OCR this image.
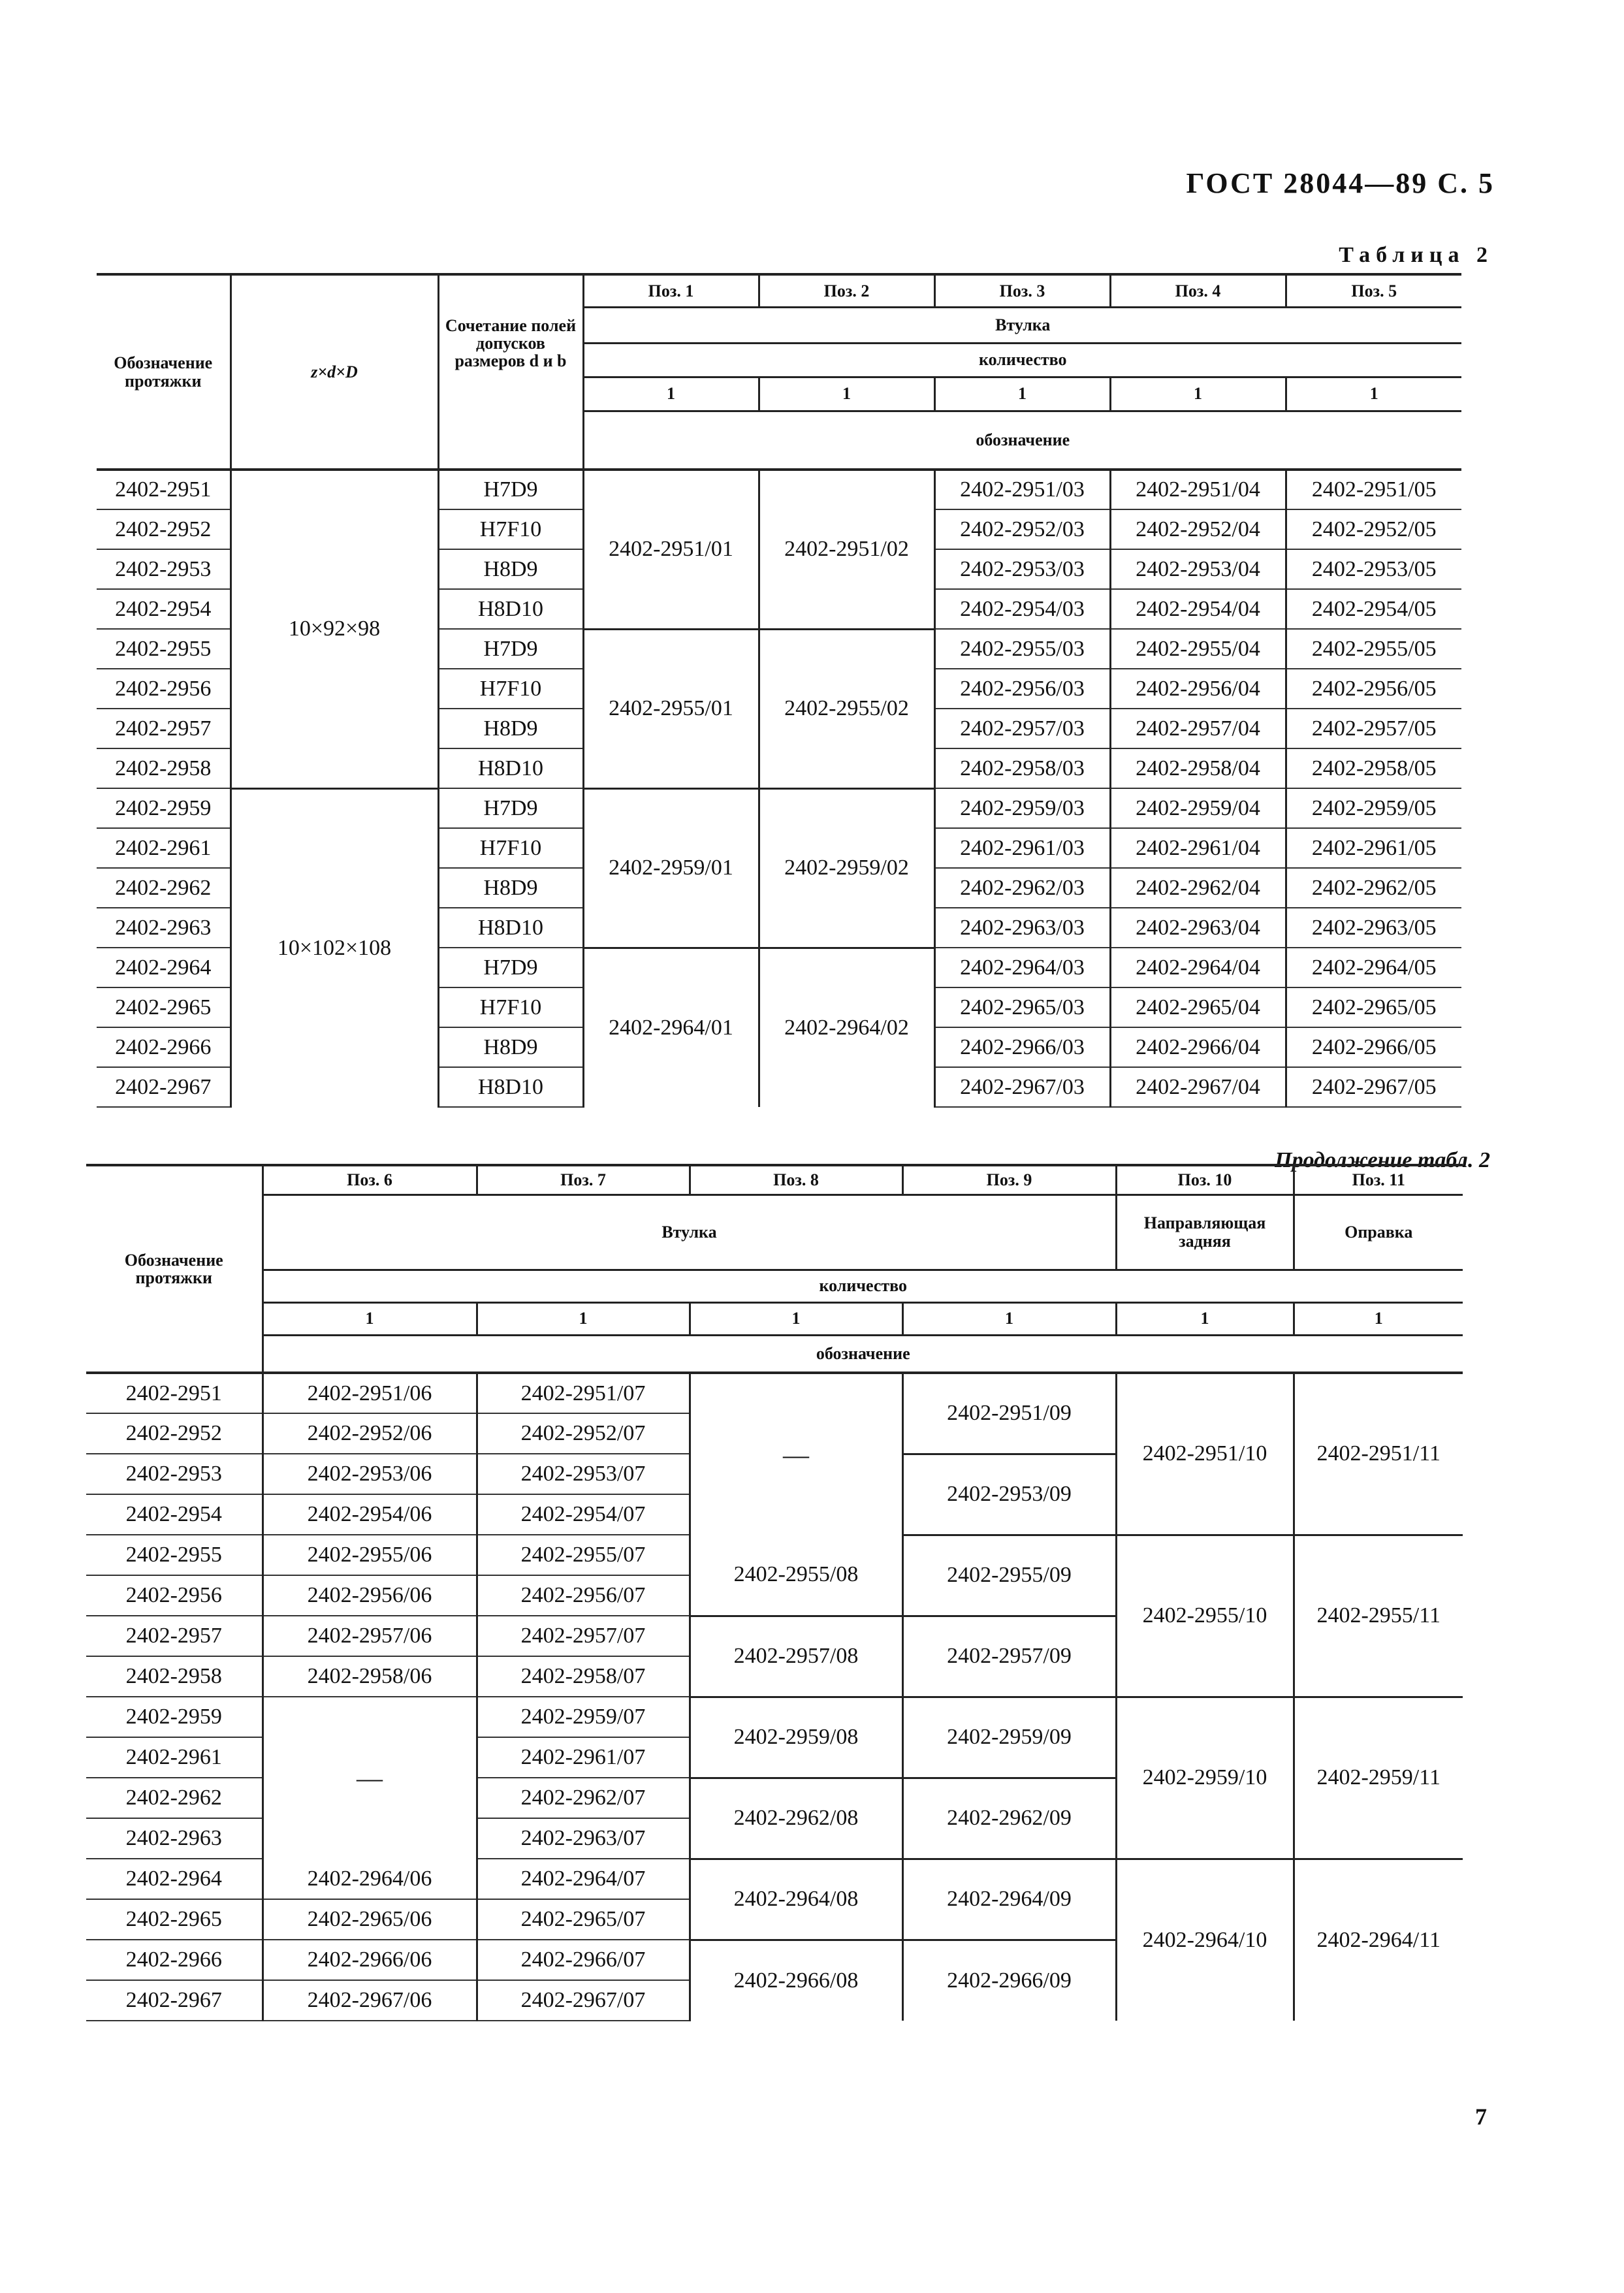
ГОСТ 28044—89 С. 5
Таблица 2
Обозначение протяжки	z×d×D	Сочетание полей допусков размеров d и b	Поз. 1	Поз. 2	Поз. 3	Поз. 4	Поз. 5
			Втулка				
			количество				
			1	1	1	1	1
			обозначение				
2402-2951	10×92×98	H7D9	2402-2951/01	2402-2951/02	2402-2951/03	2402-2951/04	2402-2951/05
2402-2952		H7F10			2402-2952/03	2402-2952/04	2402-2952/05
2402-2953		H8D9			2402-2953/03	2402-2953/04	2402-2953/05
2402-2954		H8D10			2402-2954/03	2402-2954/04	2402-2954/05
2402-2955		H7D9	2402-2955/01	2402-2955/02	2402-2955/03	2402-2955/04	2402-2955/05
2402-2956		H7F10			2402-2956/03	2402-2956/04	2402-2956/05
2402-2957		H8D9			2402-2957/03	2402-2957/04	2402-2957/05
2402-2958		H8D10			2402-2958/03	2402-2958/04	2402-2958/05
2402-2959	10×102×108	H7D9	2402-2959/01	2402-2959/02	2402-2959/03	2402-2959/04	2402-2959/05
2402-2961		H7F10			2402-2961/03	2402-2961/04	2402-2961/05
2402-2962		H8D9			2402-2962/03	2402-2962/04	2402-2962/05
2402-2963		H8D10			2402-2963/03	2402-2963/04	2402-2963/05
2402-2964		H7D9	2402-2964/01	2402-2964/02	2402-2964/03	2402-2964/04	2402-2964/05
2402-2965		H7F10			2402-2965/03	2402-2965/04	2402-2965/05
2402-2966		H8D9			2402-2966/03	2402-2966/04	2402-2966/05
2402-2967		H8D10			2402-2967/03	2402-2967/04	2402-2967/05
Продолжение табл. 2
Обозначение протяжки	Поз. 6	Поз. 7	Поз. 8	Поз. 9	Поз. 10	Поз. 11
	Втулка				Направляющая задняя	Оправка
	количество					
	1	1	1	1	1	1
	обозначение					
2402-2951	2402-2951/06	2402-2951/07	—	2402-2951/09	2402-2951/10	2402-2951/11
2402-2952	2402-2952/06	2402-2952/07				
2402-2953	2402-2953/06	2402-2953/07		2402-2953/09		
2402-2954	2402-2954/06	2402-2954/07				
2402-2955	2402-2955/06	2402-2955/07	2402-2955/08	2402-2955/09	2402-2955/10	2402-2955/11
2402-2956	2402-2956/06	2402-2956/07				
2402-2957	2402-2957/06	2402-2957/07	2402-2957/08	2402-2957/09		
2402-2958	2402-2958/06	2402-2958/07				
2402-2959	—	2402-2959/07	2402-2959/08	2402-2959/09	2402-2959/10	2402-2959/11
2402-2961		2402-2961/07				
2402-2962		2402-2962/07	2402-2962/08	2402-2962/09		
2402-2963		2402-2963/07				
2402-2964	2402-2964/06	2402-2964/07	2402-2964/08	2402-2964/09	2402-2964/10	2402-2964/11
2402-2965	2402-2965/06	2402-2965/07				
2402-2966	2402-2966/06	2402-2966/07	2402-2966/08	2402-2966/09		
2402-2967	2402-2967/06	2402-2967/07				
7
